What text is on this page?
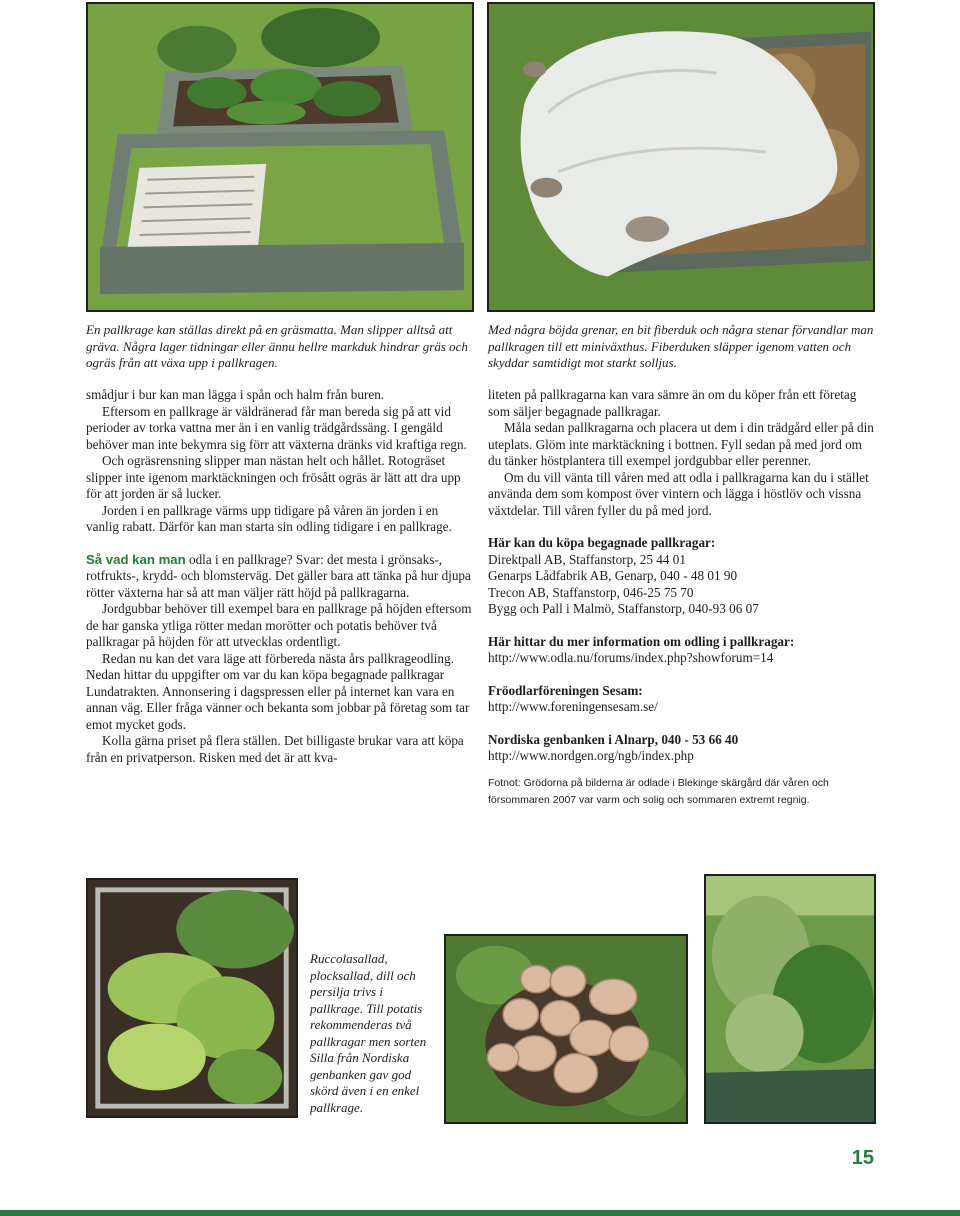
En pallkrage kan ställas direkt på en gräsmatta. Man slipper alltså att gräva. Några lager tidningar eller ännu hellre markduk hindrar gräs och ogräs från att växa upp i pallkragen.

Med några böjda grenar, en bit fiberduk och några stenar förvandlar man pallkragen till ett miniväxthus. Fiberduken släpper igenom vatten och skyddar samtidigt mot starkt solljus.

smådjur i bur kan man lägga i spån och halm från buren.

Eftersom en pallkrage är väldränerad får man bereda sig på att vid perioder av torka vattna mer än i en vanlig trädgårdssäng. I gengäld behöver man inte bekymra sig förr att växterna dränks vid kraftiga regn.

Och ogräsrensning slipper man nästan helt och hållet. Rotogräset slipper inte igenom marktäckningen och frösått ogräs är lätt att dra upp för att jorden är så lucker.

Jorden i en pallkrage värms upp tidigare på våren än jorden i en vanlig rabatt. Därför kan man starta sin odling tidigare i en pallkrage.

Så vad kan man odla i en pallkrage? Svar: det mesta i grönsaks-, rotfrukts-, krydd- och blomsterväg. Det gäller bara att tänka på hur djupa rötter växterna har så att man väljer rätt höjd på pallkragarna.

Jordgubbar behöver till exempel bara en pallkrage på höjden eftersom de har ganska ytliga rötter medan morötter och potatis behöver två pallkragar på höjden för att utvecklas ordentligt.

Redan nu kan det vara läge att förbereda nästa års pallkrageodling. Nedan hittar du uppgifter om var du kan köpa begagnade pallkragar Lundatrakten. Annonsering i dagspressen eller på internet kan vara en annan väg. Eller fråga vänner och bekanta som jobbar på företag som tar emot mycket gods.

Kolla gärna priset på flera ställen. Det billigaste brukar vara att köpa från en privatperson. Risken med det är att kva-

liteten på pallkragarna kan vara sämre än om du köper från ett företag som säljer begagnade pallkragar.

Måla sedan pallkragarna och placera ut dem i din trädgård eller på din uteplats. Glöm inte marktäckning i bottnen. Fyll sedan på med jord om du tänker höstplantera till exempel jordgubbar eller perenner.

Om du vill vänta till våren med att odla i pallkragarna kan du i stället använda dem som kompost över vintern och lägga i höstlöv och vissna växtdelar. Till våren fyller du på med jord.

Här kan du köpa begagnade pallkragar:

Direktpall AB, Staffanstorp, 25 44 01

Genarps Lådfabrik AB, Genarp, 040 - 48 01 90

Trecon AB, Staffanstorp, 046-25 75 70

Bygg och Pall i Malmö, Staffanstorp, 040-93 06 07

Här hittar du mer information om odling i pallkragar:

http://www.odla.nu/forums/index.php?showforum=14

Fröodlarföreningen Sesam:

http://www.foreningensesam.se/

Nordiska genbanken i Alnarp, 040 - 53 66 40

http://www.nordgen.org/ngb/index.php

Fotnot: Grödorna på bilderna är odlade i Blekinge skärgård där våren och försommaren 2007 var varm och solig och sommaren extremt regnig.

Ruccolasallad, plocksallad, dill och persilja trivs i pallkrage. Till potatis rekommenderas två pallkragar men sorten Silla från Nordiska genbanken gav god skörd även i en enkel pallkrage.

15
